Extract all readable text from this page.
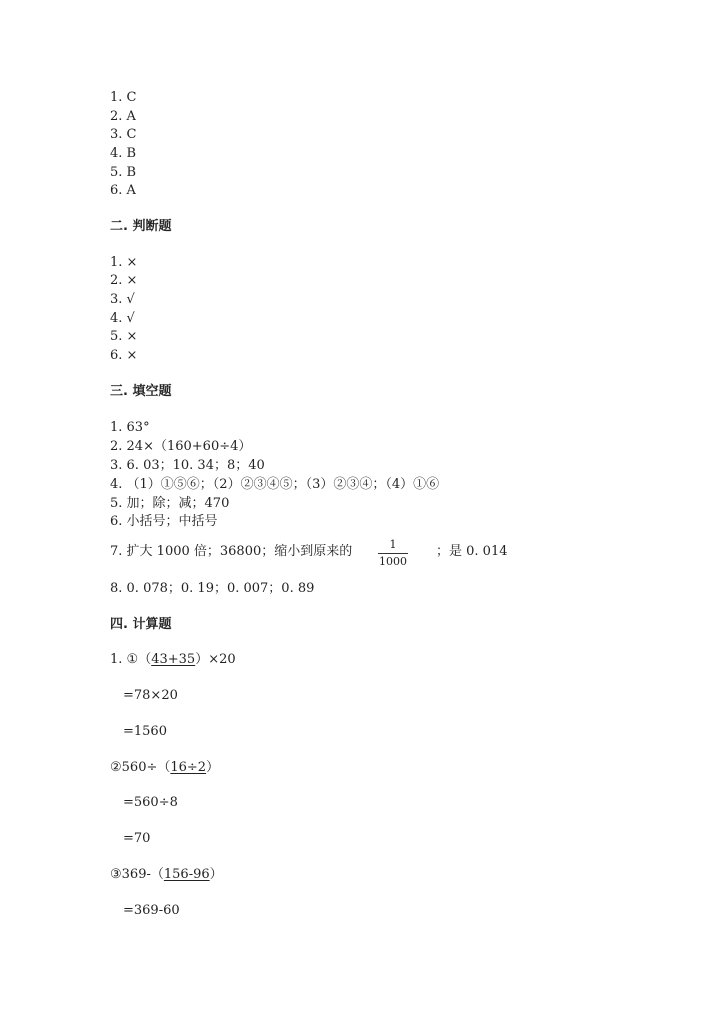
1. C
2. A
3. C
4. B
5. B
6. A
二. 判断题
1. ×
2. ×
3. √
4. √
5. ×
6. ×
三. 填空题
1. 63°
2. 24×（160+60÷4）
3. 6. 03；10. 34；8；40
4. （1）①⑤⑥；（2）②③④⑤；（3）②③④；（4）①⑥
5. 加；除；减；470
6. 小括号；中括号
7. 扩大 1000 倍；36800；缩小到原来的	1
1000
；是 0. 014
8. 0. 078；0. 19；0. 007；0. 89
四. 计算题
1. ①（43+35）×20
=78×20
=1560
②560÷（16÷2）
=560÷8
=70
③369-（156-96）
=369-60
